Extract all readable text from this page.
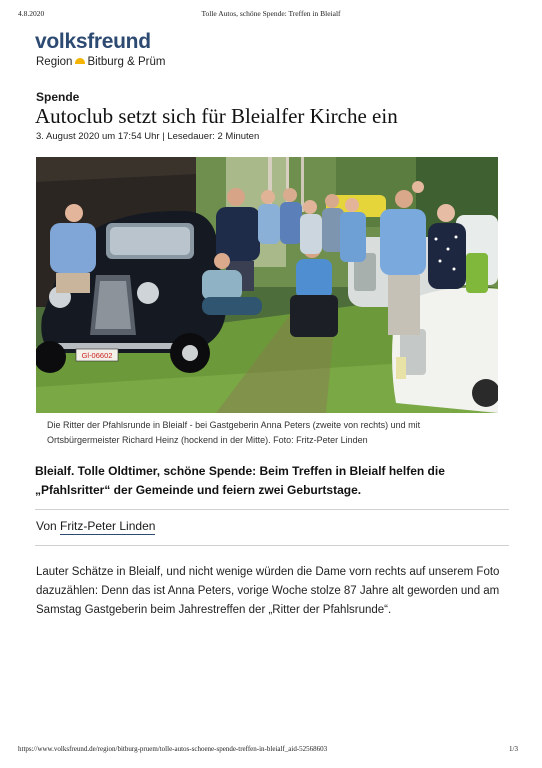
4.8.2020	Tolle Autos, schöne Spende: Treffen in Bleialf
volksfreund
Region Bitburg & Prüm
Spende
Autoclub setzt sich für Bleialfer Kirche ein
3. August 2020 um 17:54 Uhr | Lesedauer: 2 Minuten
Gl-06602
Die Ritter der Pfahlsrunde in Bleialf - bei Gastgeberin Anna Peters (zweite von rechts) und mit
Ortsbürgermeister Richard Heinz (hockend in der Mitte). Foto: Fritz-Peter Linden
Bleialf. Tolle Oldtimer, schöne Spende: Beim Treffen in Bleialf helfen die „Pfahlsritter“ der Gemeinde und feiern zwei Geburtstage.
Von Fritz-Peter Linden
Lauter Schätze in Bleialf, und nicht wenige würden die Dame vorn rechts auf unserem Foto dazuzählen: Denn das ist Anna Peters, vorige Woche stolze 87 Jahre alt geworden und am Samstag Gastgeberin beim Jahrestreffen der „Ritter der Pfahlsrunde“.
https://www.volksfreund.de/region/bitburg-pruem/tolle-autos-schoene-spende-treffen-in-bleialf_aid-52568603	1/3
